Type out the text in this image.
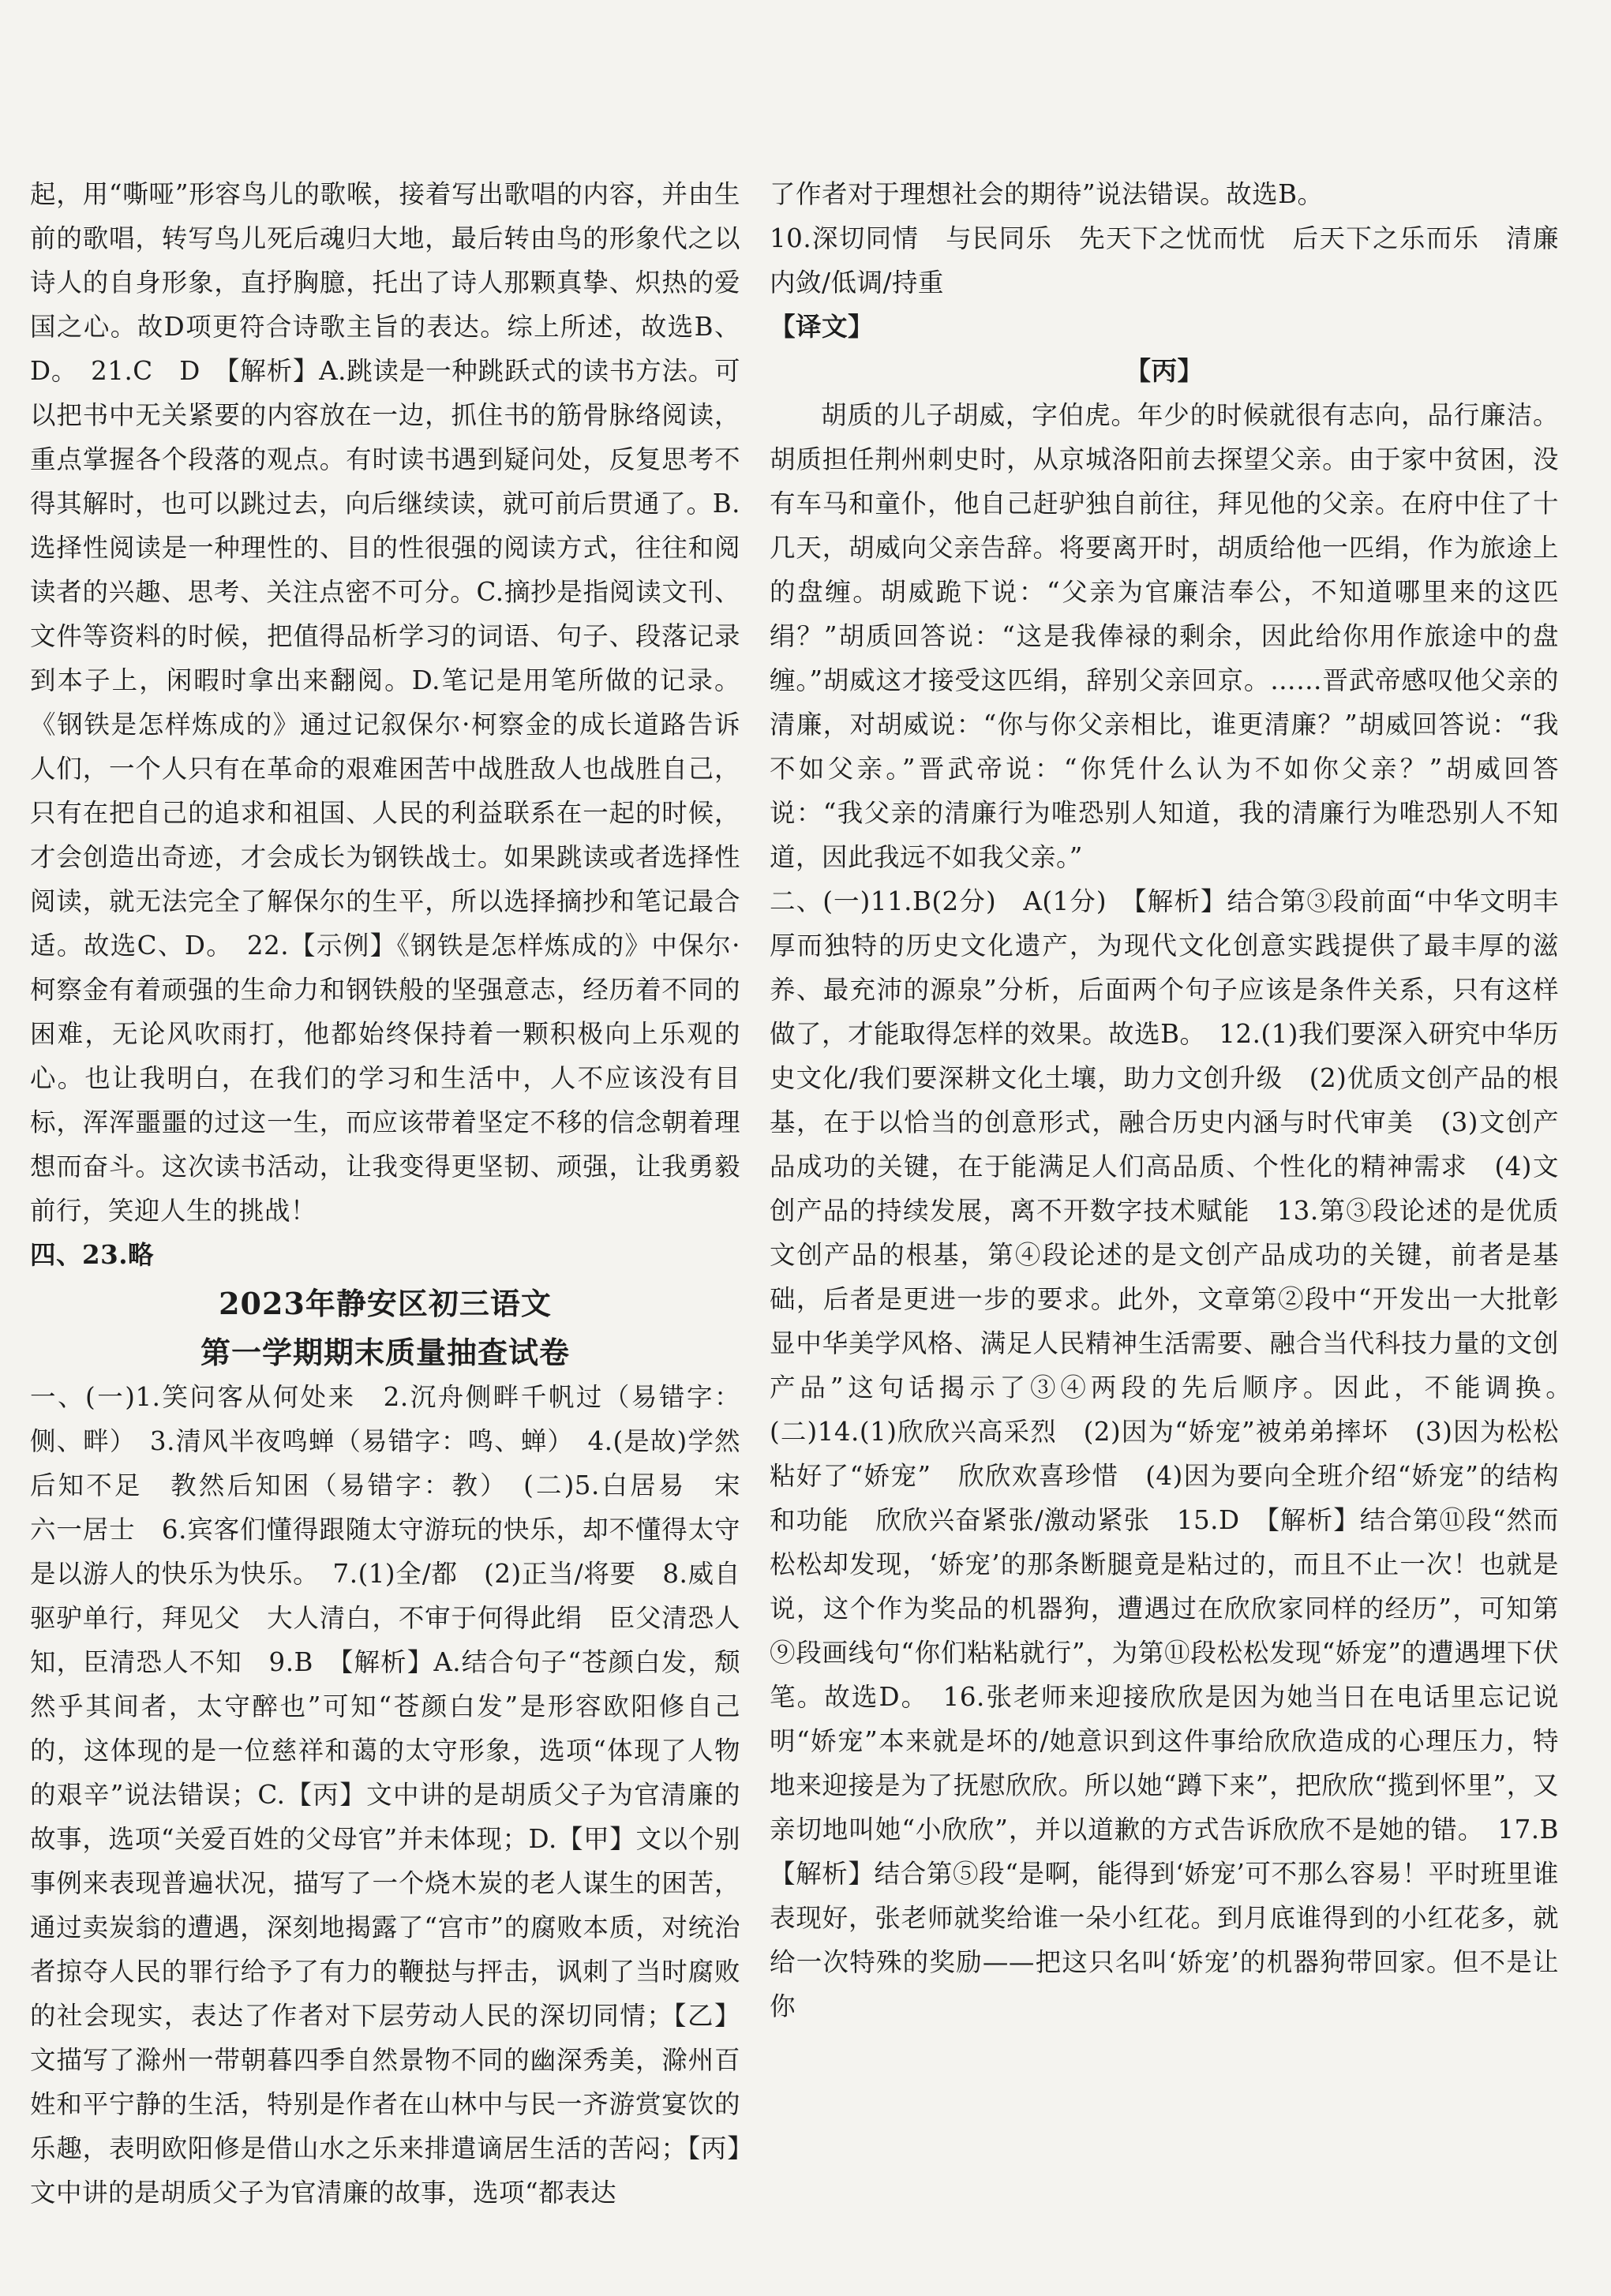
起，用“嘶哑”形容鸟儿的歌喉，接着写出歌唱的内容，并由生前的歌唱，转写鸟儿死后魂归大地，最后转由鸟的形象代之以诗人的自身形象，直抒胸臆，托出了诗人那颗真挚、炽热的爱国之心。故D项更符合诗歌主旨的表达。综上所述，故选B、D。　21.C　D　【解析】A.跳读是一种跳跃式的读书方法。可以把书中无关紧要的内容放在一边，抓住书的筋骨脉络阅读，重点掌握各个段落的观点。有时读书遇到疑问处，反复思考不得其解时，也可以跳过去，向后继续读，就可前后贯通了。B.选择性阅读是一种理性的、目的性很强的阅读方式，往往和阅读者的兴趣、思考、关注点密不可分。C.摘抄是指阅读文刊、文件等资料的时候，把值得品析学习的词语、句子、段落记录到本子上，闲暇时拿出来翻阅。D.笔记是用笔所做的记录。《钢铁是怎样炼成的》通过记叙保尔·柯察金的成长道路告诉人们，一个人只有在革命的艰难困苦中战胜敌人也战胜自己，只有在把自己的追求和祖国、人民的利益联系在一起的时候，才会创造出奇迹，才会成长为钢铁战士。如果跳读或者选择性阅读，就无法完全了解保尔的生平，所以选择摘抄和笔记最合适。故选C、D。　22.【示例】《钢铁是怎样炼成的》中保尔·柯察金有着顽强的生命力和钢铁般的坚强意志，经历着不同的困难，无论风吹雨打，他都始终保持着一颗积极向上乐观的心。也让我明白，在我们的学习和生活中，人不应该没有目标，浑浑噩噩的过这一生，而应该带着坚定不移的信念朝着理想而奋斗。这次读书活动，让我变得更坚韧、顽强，让我勇毅前行，笑迎人生的挑战！

四、23.略

2023年静安区初三语文
第一学期期末质量抽查试卷

一、(一)1.笑问客从何处来　2.沉舟侧畔千帆过（易错字：侧、畔）　3.清风半夜鸣蝉（易错字：鸣、蝉）　4.(是故)学然后知不足　教然后知困（易错字：教）　(二)5.白居易　宋　六一居士　6.宾客们懂得跟随太守游玩的快乐，却不懂得太守是以游人的快乐为快乐。　7.(1)全/都　(2)正当/将要　8.威自驱驴单行，拜见父　大人清白，不审于何得此绢　臣父清恐人知，臣清恐人不知　9.B　【解析】A.结合句子“苍颜白发，颓然乎其间者，太守醉也”可知“苍颜白发”是形容欧阳修自己的，这体现的是一位慈祥和蔼的太守形象，选项“体现了人物的艰辛”说法错误；C.【丙】文中讲的是胡质父子为官清廉的故事，选项“关爱百姓的父母官”并未体现；D.【甲】文以个别事例来表现普遍状况，描写了一个烧木炭的老人谋生的困苦，通过卖炭翁的遭遇，深刻地揭露了“宫市”的腐败本质，对统治者掠夺人民的罪行给予了有力的鞭挞与抨击，讽刺了当时腐败的社会现实，表达了作者对下层劳动人民的深切同情；【乙】文描写了滁州一带朝暮四季自然景物不同的幽深秀美，滁州百姓和平宁静的生活，特别是作者在山林中与民一齐游赏宴饮的乐趣，表明欧阳修是借山水之乐来排遣谪居生活的苦闷；【丙】文中讲的是胡质父子为官清廉的故事，选项“都表达

了作者对于理想社会的期待”说法错误。故选B。

10.深切同情　与民同乐　先天下之忧而忧　后天下之乐而乐　清廉　内敛/低调/持重

【译文】

【丙】

胡质的儿子胡威，字伯虎。年少的时候就很有志向，品行廉洁。胡质担任荆州刺史时，从京城洛阳前去探望父亲。由于家中贫困，没有车马和童仆，他自己赶驴独自前往，拜见他的父亲。在府中住了十几天，胡威向父亲告辞。将要离开时，胡质给他一匹绢，作为旅途上的盘缠。胡威跪下说：“父亲为官廉洁奉公，不知道哪里来的这匹绢？”胡质回答说：“这是我俸禄的剩余，因此给你用作旅途中的盘缠。”胡威这才接受这匹绢，辞别父亲回京。……晋武帝感叹他父亲的清廉，对胡威说：“你与你父亲相比，谁更清廉？”胡威回答说：“我不如父亲。”晋武帝说：“你凭什么认为不如你父亲？”胡威回答说：“我父亲的清廉行为唯恐别人知道，我的清廉行为唯恐别人不知道，因此我远不如我父亲。”

二、(一)11.B(2分)　A(1分)　【解析】结合第③段前面“中华文明丰厚而独特的历史文化遗产，为现代文化创意实践提供了最丰厚的滋养、最充沛的源泉”分析，后面两个句子应该是条件关系，只有这样做了，才能取得怎样的效果。故选B。　12.(1)我们要深入研究中华历史文化/我们要深耕文化土壤，助力文创升级　(2)优质文创产品的根基，在于以恰当的创意形式，融合历史内涵与时代审美　(3)文创产品成功的关键，在于能满足人们高品质、个性化的精神需求　(4)文创产品的持续发展，离不开数字技术赋能　13.第③段论述的是优质文创产品的根基，第④段论述的是文创产品成功的关键，前者是基础，后者是更进一步的要求。此外，文章第②段中“开发出一大批彰显中华美学风格、满足人民精神生活需要、融合当代科技力量的文创产品”这句话揭示了③④两段的先后顺序。因此，不能调换。　(二)14.(1)欣欣兴高采烈　(2)因为“娇宠”被弟弟摔坏　(3)因为松松粘好了“娇宠”　欣欣欢喜珍惜　(4)因为要向全班介绍“娇宠”的结构和功能　欣欣兴奋紧张/激动紧张　15.D　【解析】结合第⑪段“然而松松却发现，‘娇宠’的那条断腿竟是粘过的，而且不止一次！也就是说，这个作为奖品的机器狗，遭遇过在欣欣家同样的经历”，可知第⑨段画线句“你们粘粘就行”，为第⑪段松松发现“娇宠”的遭遇埋下伏笔。故选D。　16.张老师来迎接欣欣是因为她当日在电话里忘记说明“娇宠”本来就是坏的/她意识到这件事给欣欣造成的心理压力，特地来迎接是为了抚慰欣欣。所以她“蹲下来”，把欣欣“揽到怀里”，又亲切地叫她“小欣欣”，并以道歉的方式告诉欣欣不是她的错。　17.B　【解析】结合第⑤段“是啊，能得到‘娇宠’可不那么容易！平时班里谁表现好，张老师就奖给谁一朵小红花。到月底谁得到的小红花多，就给一次特殊的奖励——把这只名叫‘娇宠’的机器狗带回家。但不是让你
